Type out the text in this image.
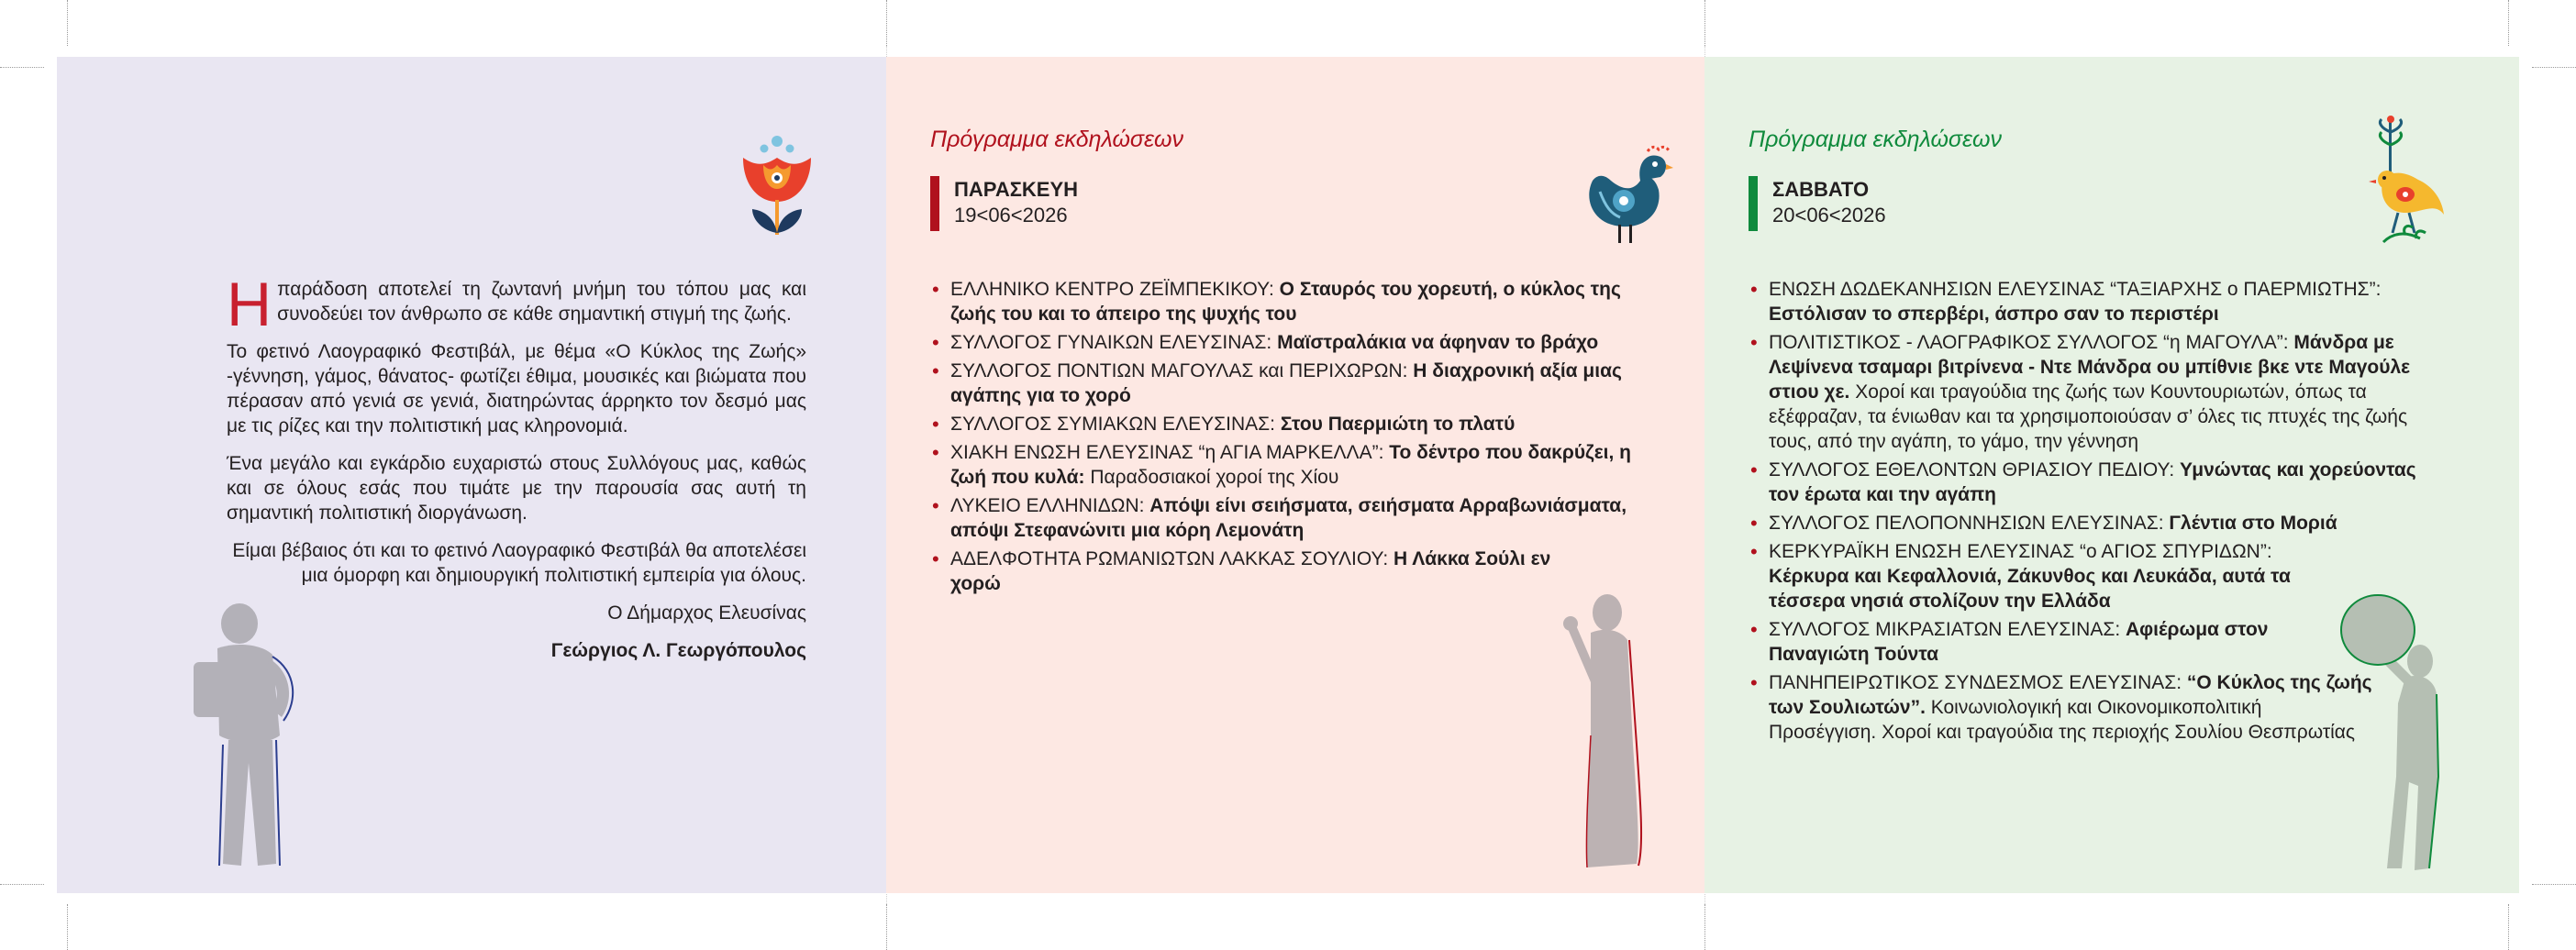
Ηπαράδοση αποτελεί τη ζωντανή μνήμη του τόπου μας και συνοδεύει τον άνθρωπο σε κάθε σημαντική στιγμή της ζωής.

Το φετινό Λαογραφικό Φεστιβάλ, με θέμα «Ο Κύκλος της Ζωής» -γέννηση, γάμος, θάνατος- φωτίζει έθιμα, μουσικές και βιώματα που πέρασαν από γενιά σε γενιά, διατηρώντας άρρηκτο τον δεσμό μας με τις ρίζες και την πολιτιστική μας κληρονομιά.

Ένα μεγάλο και εγκάρδιο ευχαριστώ στους Συλλόγους μας, καθώς και σε όλους εσάς που τιμάτε με την παρουσία σας αυτή τη σημαντική πολιτιστική διοργάνωση.

Είμαι βέβαιος ότι και το φετινό Λαογραφικό Φεστιβάλ θα αποτελέσει μια όμορφη και δημιουργική πολιτιστική εμπειρία για όλους.

Ο Δήμαρχος Ελευσίνας
Γεώργιος Λ. Γεωργόπουλος
Πρόγραμμα εκδηλώσεων

ΠΑΡΑΣΚΕΥΗ

19<06<2026

• ΕΛΛΗΝΙΚΟ ΚΕΝΤΡΟ ΖΕΪΜΠΕΚΙΚΟΥ: Ο Σταυρός του χορευτή, ο κύκλος της ζωής του και το άπειρο της ψυχής του
• ΣΥΛΛΟΓΟΣ ΓΥΝΑΙΚΩΝ ΕΛΕΥΣΙΝΑΣ: Μαϊστραλάκια να άφηναν το βράχο
• ΣΥΛΛΟΓΟΣ ΠΟΝΤΙΩΝ ΜΑΓΟΥΛΑΣ και ΠΕΡΙΧΩΡΩΝ: Η διαχρονική αξία μιας αγάπης για το χορό
• ΣΥΛΛΟΓΟΣ ΣΥΜΙΑΚΩΝ ΕΛΕΥΣΙΝΑΣ: Στου Παερμιώτη το πλατύ
• ΧΙΑΚΗ ΕΝΩΣΗ ΕΛΕΥΣΙΝΑΣ “η ΑΓΙΑ ΜΑΡΚΕΛΛΑ”: Το δέντρο που δακρύζει, η ζωή που κυλά: Παραδοσιακοί χοροί της Χίου
• ΛΥΚΕΙΟ ΕΛΛΗΝΙΔΩΝ: Απόψι είνι σειήσματα, σειήσματα Αρραβωνιάσματα, απόψι Στεφανώνιτι μια κόρη Λεμονάτη
• ΑΔΕΛΦΟΤΗΤΑ ΡΩΜΑΝΙΩΤΩΝ ΛΑΚΚΑΣ ΣΟΥΛΙΟΥ: Η Λάκκα Σούλι εν χορώ
Πρόγραμμα εκδηλώσεων

ΣΑΒΒΑΤΟ

20<06<2026

• ΕΝΩΣΗ ΔΩΔΕΚΑΝΗΣΙΩΝ ΕΛΕΥΣΙΝΑΣ “ΤΑΞΙΑΡΧΗΣ ο ΠΑΕΡΜΙΩΤΗΣ”: Εστόλισαν το σπερβέρι, άσπρο σαν το περιστέρι
• ΠΟΛΙΤΙΣΤΙΚΟΣ - ΛΑΟΓΡΑΦΙΚΟΣ ΣΥΛΛΟΓΟΣ “η ΜΑΓΟΥΛΑ”: Μάνδρα με Λεψίνενα τσαμαρι βιτρίνενα - Ντε Μάνδρα ου μπίθνιε βκε ντε Μαγούλε στιου χε. Χοροί και τραγούδια της ζωής των Κουντουριωτών, όπως τα εξέφραζαν, τα ένιωθαν και τα χρησιμοποιούσαν σ’ όλες τις πτυχές της ζωής τους, από την αγάπη, το γάμο, την γέννηση
• ΣΥΛΛΟΓΟΣ ΕΘΕΛΟΝΤΩΝ ΘΡΙΑΣΙΟΥ ΠΕΔΙΟΥ: Υμνώντας και χορεύοντας τον έρωτα και την αγάπη
• ΣΥΛΛΟΓΟΣ ΠΕΛΟΠΟΝΝΗΣΙΩΝ ΕΛΕΥΣΙΝΑΣ: Γλέντια στο Μοριά
• ΚΕΡΚΥΡΑΪΚΗ ΕΝΩΣΗ ΕΛΕΥΣΙΝΑΣ “ο ΑΓΙΟΣ ΣΠΥΡΙΔΩΝ”: Κέρκυρα και Κεφαλλονιά, Ζάκυνθος και Λευκάδα, αυτά τα τέσσερα νησιά στολίζουν την Ελλάδα
• ΣΥΛΛΟΓΟΣ ΜΙΚΡΑΣΙΑΤΩΝ ΕΛΕΥΣΙΝΑΣ: Αφιέρωμα στον Παναγιώτη Τούντα
• ΠΑΝΗΠΕΙΡΩΤΙΚΟΣ ΣΥΝΔΕΣΜΟΣ ΕΛΕΥΣΙΝΑΣ: “Ο Κύκλος της ζωής των Σουλιωτών”. Κοινωνιολογική και Οικονομικοπολιτική Προσέγγιση. Χοροί και τραγούδια της περιοχής Σουλίου Θεσπρωτίας
